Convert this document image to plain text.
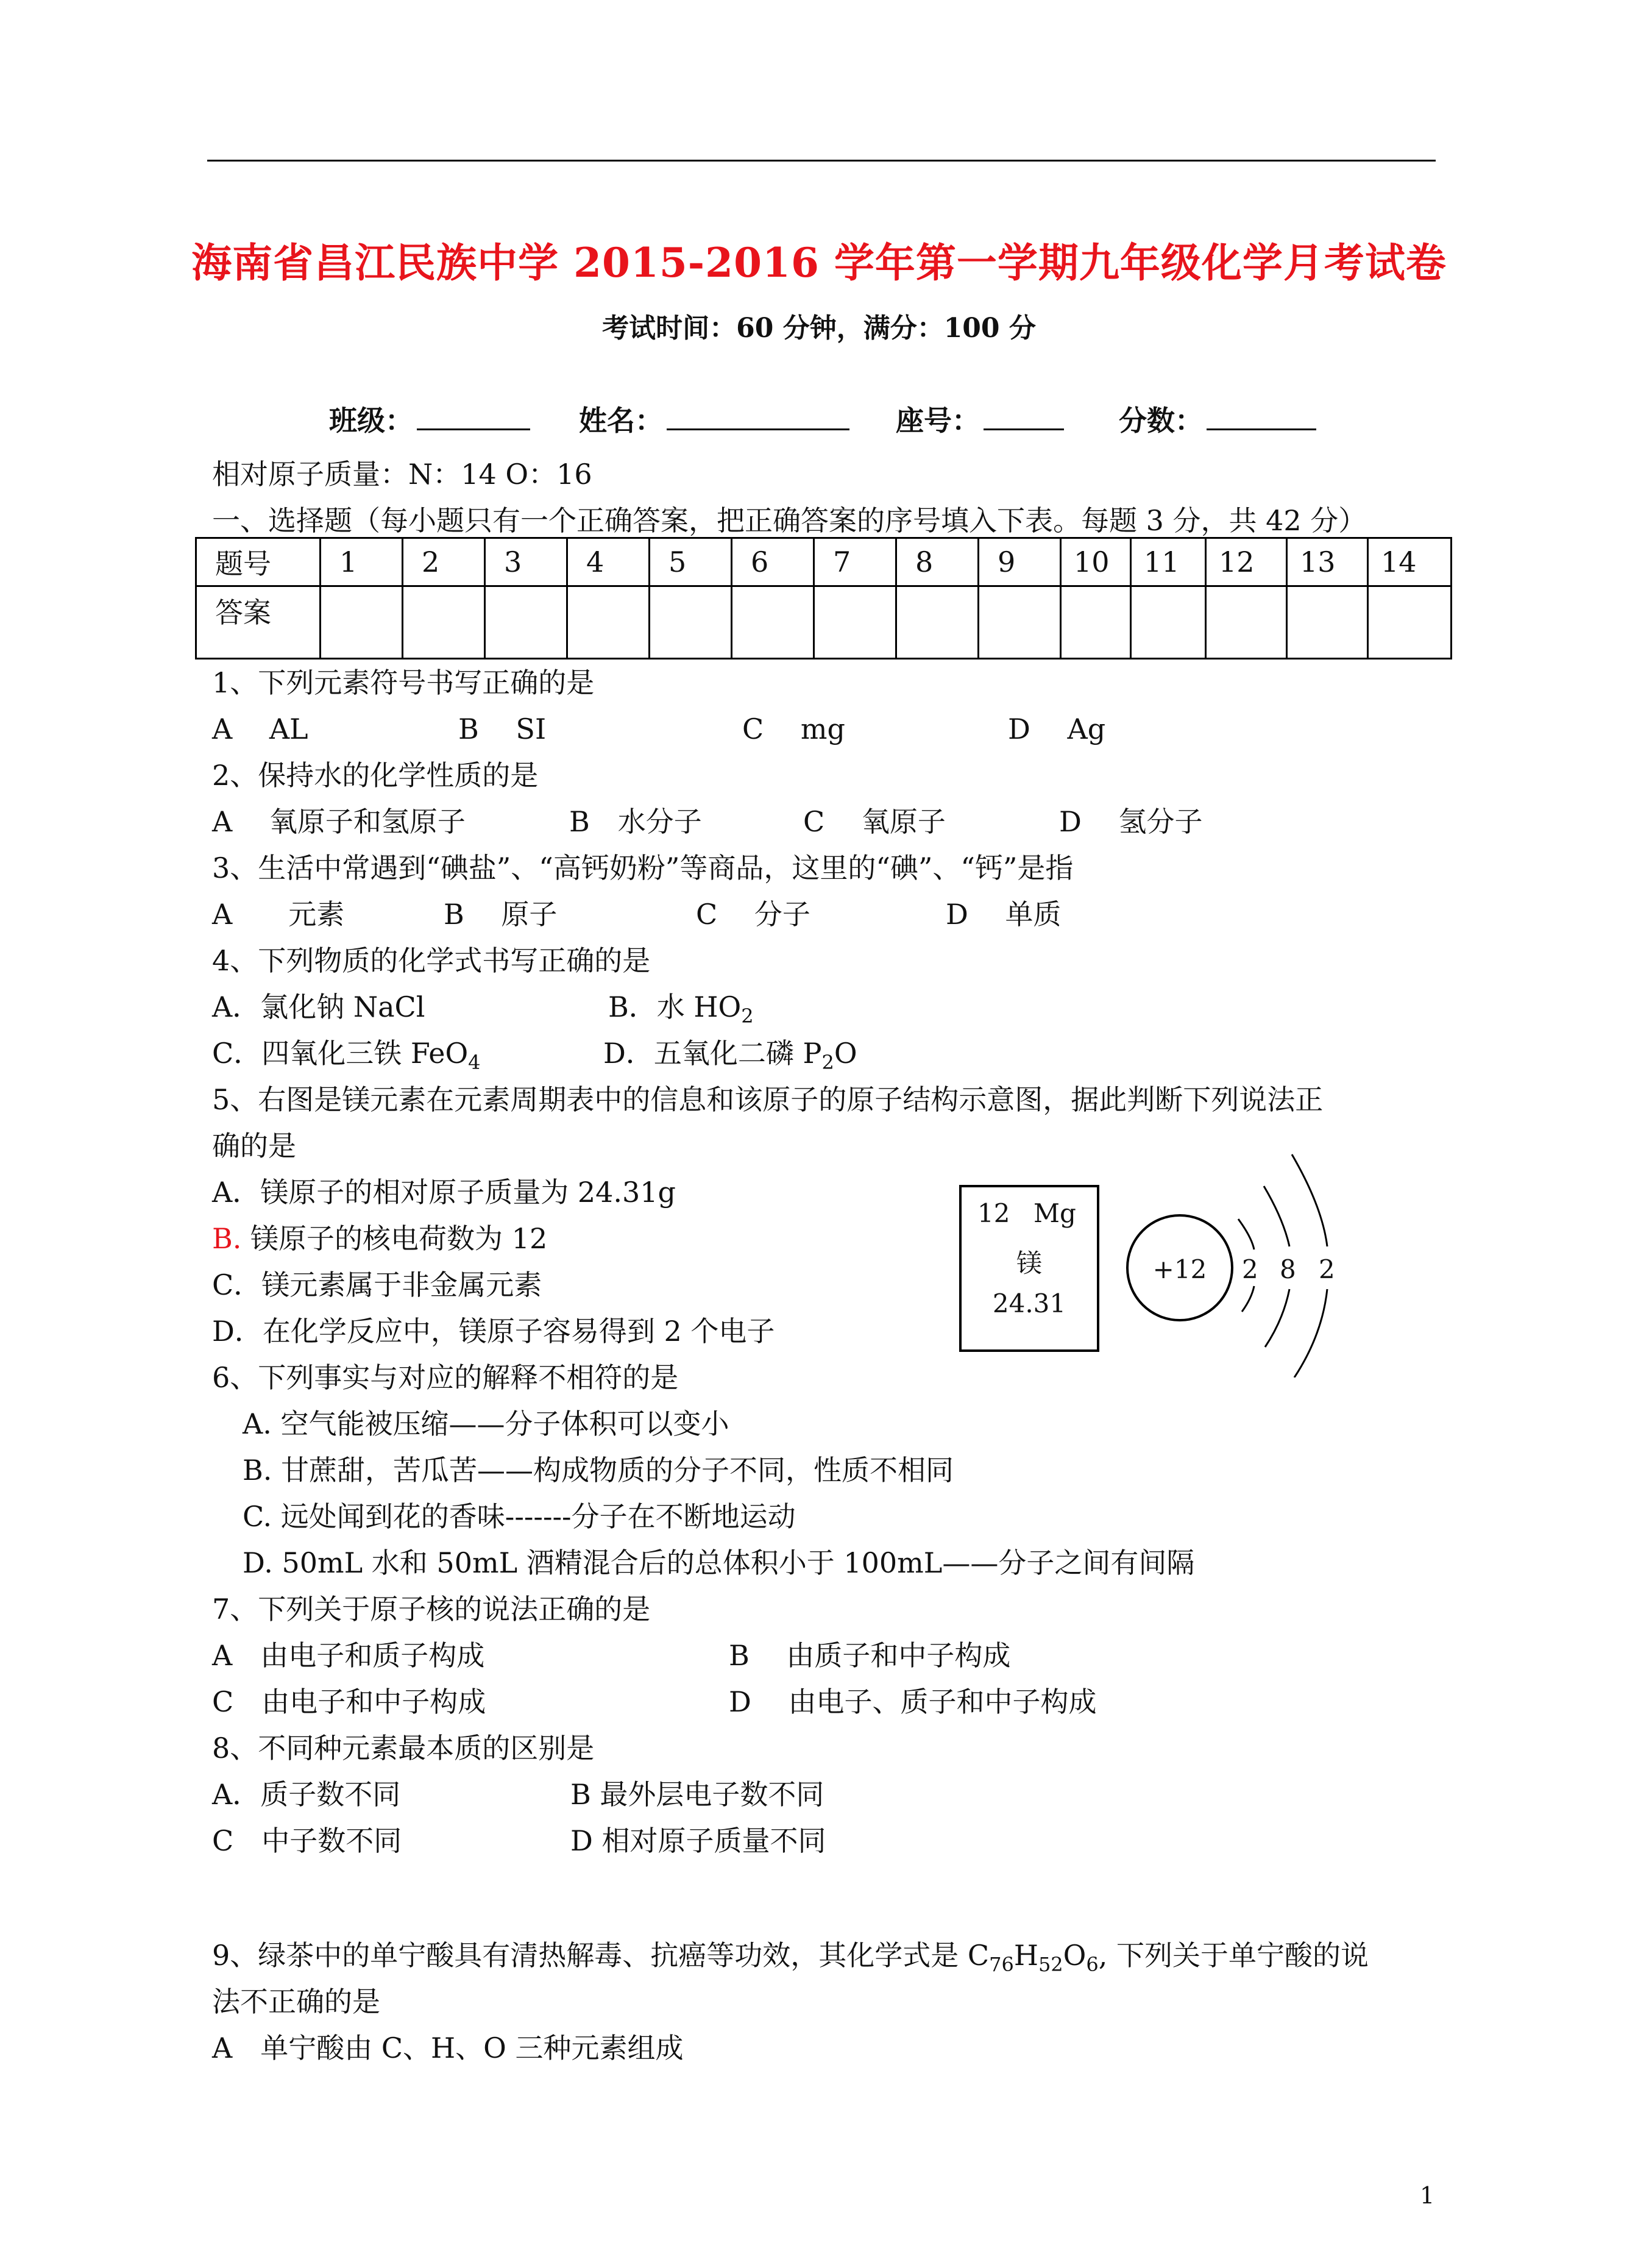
海南省昌江民族中学 2015-2016 学年第一学期九年级化学月考试卷
考试时间：60 分钟，满分：100 分
班级：	姓名：	座号：	分数：
相对原子质量：N：14 O：16
一、选择题（每小题只有一个正确答案，把正确答案的序号填入下表。每题 3 分，共 42 分）
题号	1	2	3	4	5	6	7	8	9	10	11	12	13	14
答案														
1、下列元素符号书写正确的是
A　 AL	B　 SI	C　 mg	D　 Ag
2、保持水的化学性质的是
A　 氧原子和氢原子	B　水分子	C　 氧原子	D　 氢分子
3、生活中常遇到“碘盐”、“高钙奶粉”等商品，这里的“碘”、“钙”是指
A　　元素	B　 原子	C　 分子	D　 单质
4、下列物质的化学式书写正确的是
A．氯化钠 NaCl	B．水 $HO_2$
C．四氧化三铁 FeO$_4$	D．五氧化二磷 $P_2O$
5、右图是镁元素在元素周期表中的信息和该原子的原子结构示意图，据此判断下列说法正
确的是
A．镁原子的相对原子质量为 24.31g
B. 镁原子的核电荷数为 12
C．镁元素属于非金属元素
D．在化学反应中，镁原子容易得到 2 个电子
12 Mg
镁
24.31
+12	2 8 2
6、下列事实与对应的解释不相符的是
A. 空气能被压缩——分子体积可以变小
B. 甘蔗甜，苦瓜苦——构成物质的分子不同，性质不相同
C. 远处闻到花的香味-------分子在不断地运动
D. 50mL 水和 50mL 酒精混合后的总体积小于 100mL——分子之间有间隔
7、下列关于原子核的说法正确的是
A　由电子和质子构成	B　 由质子和中子构成
C　由电子和中子构成	D　 由电子、质子和中子构成
8、不同种元素最本质的区别是
A．质子数不同	B 最外层电子数不同
C　中子数不同	D 相对原子质量不同
9、绿茶中的单宁酸具有清热解毒、抗癌等功效，其化学式是 $C_{76}H_{52}O_6$, 下列关于单宁酸的说
法不正确的是
A　单宁酸由 C、H、O 三种元素组成
1
